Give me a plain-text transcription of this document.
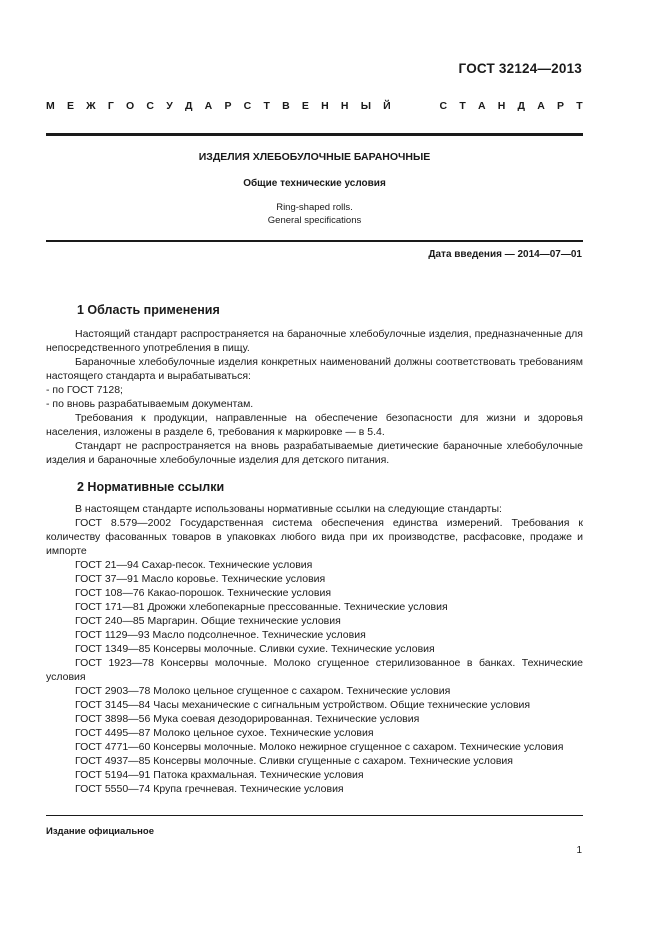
ГОСТ 32124—2013
М Е Ж Г О С У Д А Р С Т В Е Н Н Ы Й	С Т А Н Д А Р Т
ИЗДЕЛИЯ ХЛЕБОБУЛОЧНЫЕ БАРАНОЧНЫЕ
Общие технические условия
Ring-shaped rolls.
General specifications
Дата введения — 2014—07—01
1 Область применения

Настоящий стандарт распространяется на бараночные хлебобулочные изделия, предназначенные для непосредственного употребления в пищу.

Бараночные хлебобулочные изделия конкретных наименований должны соответствовать требованиям настоящего стандарта и вырабатываться:

- по ГОСТ 7128;

- по вновь разрабатываемым документам.

Требования к продукции, направленные на обеспечение безопасности для жизни и здоровья населения, изложены в разделе 6, требования к маркировке — в 5.4.

Стандарт не распространяется на вновь разрабатываемые диетические бараночные хлебобулочные изделия и бараночные хлебобулочные изделия для детского питания.

2 Нормативные ссылки

В настоящем стандарте использованы нормативные ссылки на следующие стандарты:

ГОСТ 8.579—2002 Государственная система обеспечения единства измерений. Требования к количеству фасованных товаров в упаковках любого вида при их производстве, расфасовке, продаже и импорте

ГОСТ 21—94 Сахар-песок. Технические условия

ГОСТ 37—91 Масло коровье. Технические условия

ГОСТ 108—76 Какао-порошок. Технические условия

ГОСТ 171—81 Дрожжи хлебопекарные прессованные. Технические условия

ГОСТ 240—85 Маргарин. Общие технические условия

ГОСТ 1129—93 Масло подсолнечное. Технические условия

ГОСТ 1349—85 Консервы молочные. Сливки сухие. Технические условия

ГОСТ 1923—78 Консервы молочные. Молоко сгущенное стерилизованное в банках. Технические условия

ГОСТ 2903—78 Молоко цельное сгущенное с сахаром. Технические условия

ГОСТ 3145—84 Часы механические с сигнальным устройством. Общие технические условия

ГОСТ 3898—56 Мука соевая дезодорированная. Технические условия

ГОСТ 4495—87 Молоко цельное сухое. Технические условия

ГОСТ 4771—60 Консервы молочные. Молоко нежирное сгущенное с сахаром. Технические условия

ГОСТ 4937—85 Консервы молочные. Сливки сгущенные с сахаром. Технические условия

ГОСТ 5194—91 Патока крахмальная. Технические условия

ГОСТ 5550—74 Крупа гречневая. Технические условия

Издание официальное
1
